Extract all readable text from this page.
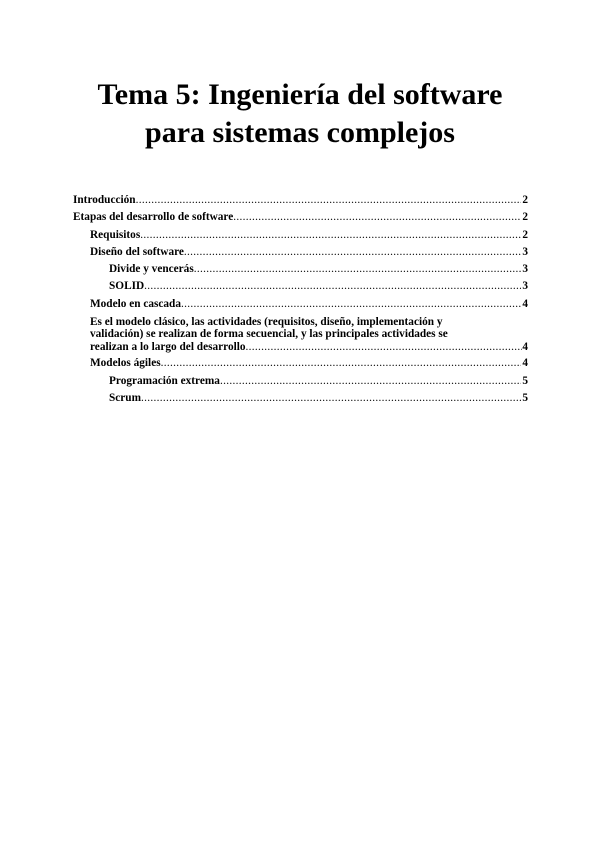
Tema 5: Ingeniería del software
para sistemas complejos
Introducción .....	2
Etapas del desarrollo de software .....	2
Requisitos .....	2
Diseño del software .....	3
Divide y vencerás .....	3
SOLID .....	3
Modelo en cascada .....	4
Es el modelo clásico, las actividades (requisitos, diseño, implementación y
validación) se realizan de forma secuencial, y las principales actividades se
realizan a lo largo del desarrollo .....	4
Modelos ágiles .....	4
Programación extrema .....	5
Scrum .....	5
